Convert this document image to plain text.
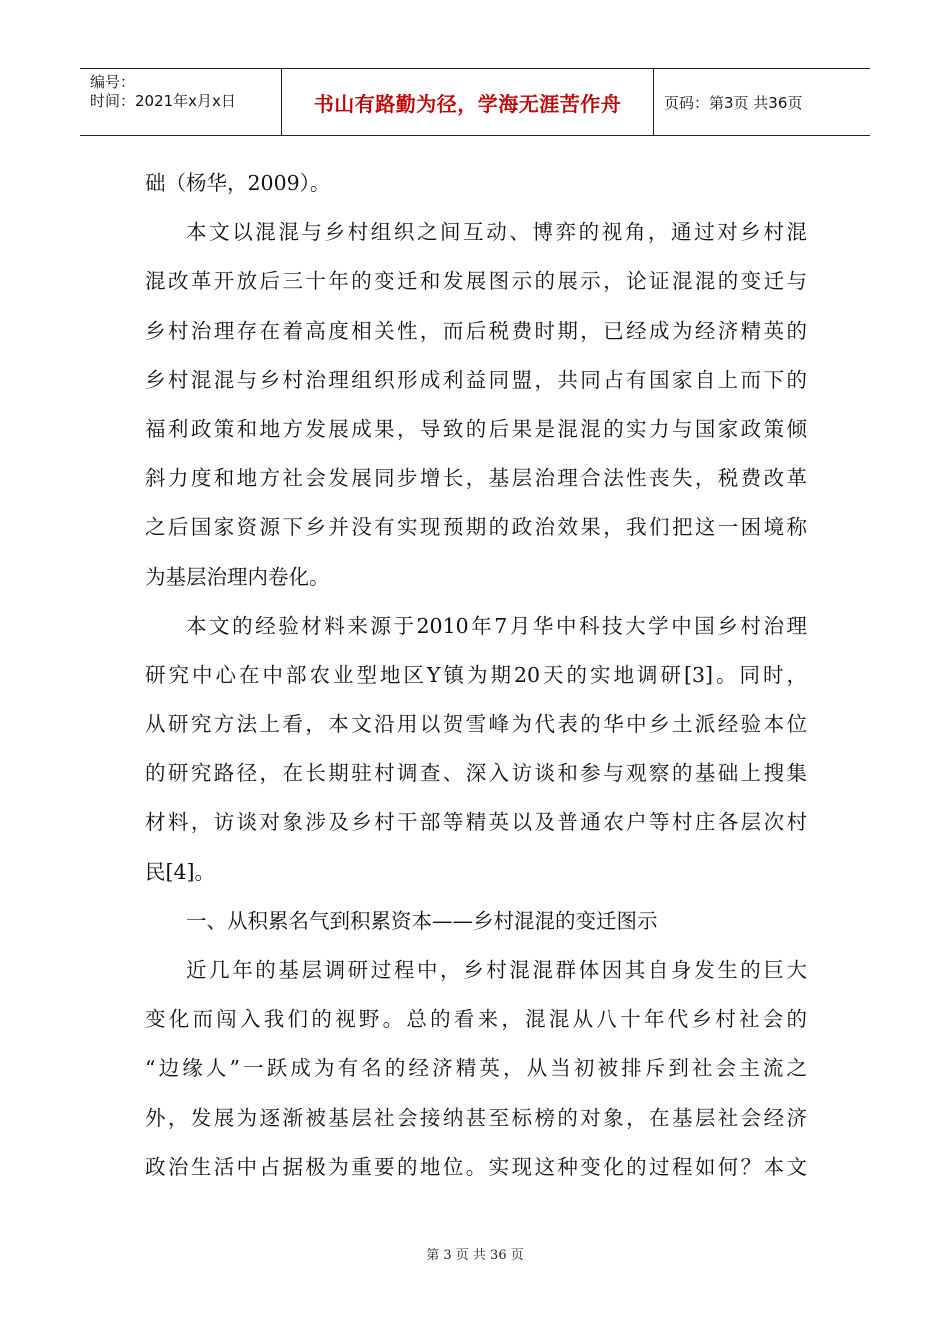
编号：
时间：2021年x月x日	书山有路勤为径，学海无涯苦作舟	页码：第3页 共36页
础（杨华，2009）。
本文以混混与乡村组织之间互动、博弈的视角，通过对乡村混
混改革开放后三十年的变迁和发展图示的展示，论证混混的变迁与
乡村治理存在着高度相关性，而后税费时期，已经成为经济精英的
乡村混混与乡村治理组织形成利益同盟，共同占有国家自上而下的
福利政策和地方发展成果，导致的后果是混混的实力与国家政策倾
斜力度和地方社会发展同步增长，基层治理合法性丧失，税费改革
之后国家资源下乡并没有实现预期的政治效果，我们把这一困境称
为基层治理内卷化。
本文的经验材料来源于2010年7月华中科技大学中国乡村治理
研究中心在中部农业型地区Y镇为期20天的实地调研[3]。同时，
从研究方法上看，本文沿用以贺雪峰为代表的华中乡土派经验本位
的研究路径，在长期驻村调查、深入访谈和参与观察的基础上搜集
材料，访谈对象涉及乡村干部等精英以及普通农户等村庄各层次村
民[4]。
一、从积累名气到积累资本——乡村混混的变迁图示
近几年的基层调研过程中，乡村混混群体因其自身发生的巨大
变化而闯入我们的视野。总的看来，混混从八十年代乡村社会的
“边缘人”一跃成为有名的经济精英，从当初被排斥到社会主流之
外，发展为逐渐被基层社会接纳甚至标榜的对象，在基层社会经济
政治生活中占据极为重要的地位。实现这种变化的过程如何？本文
第 3 页 共 36 页
